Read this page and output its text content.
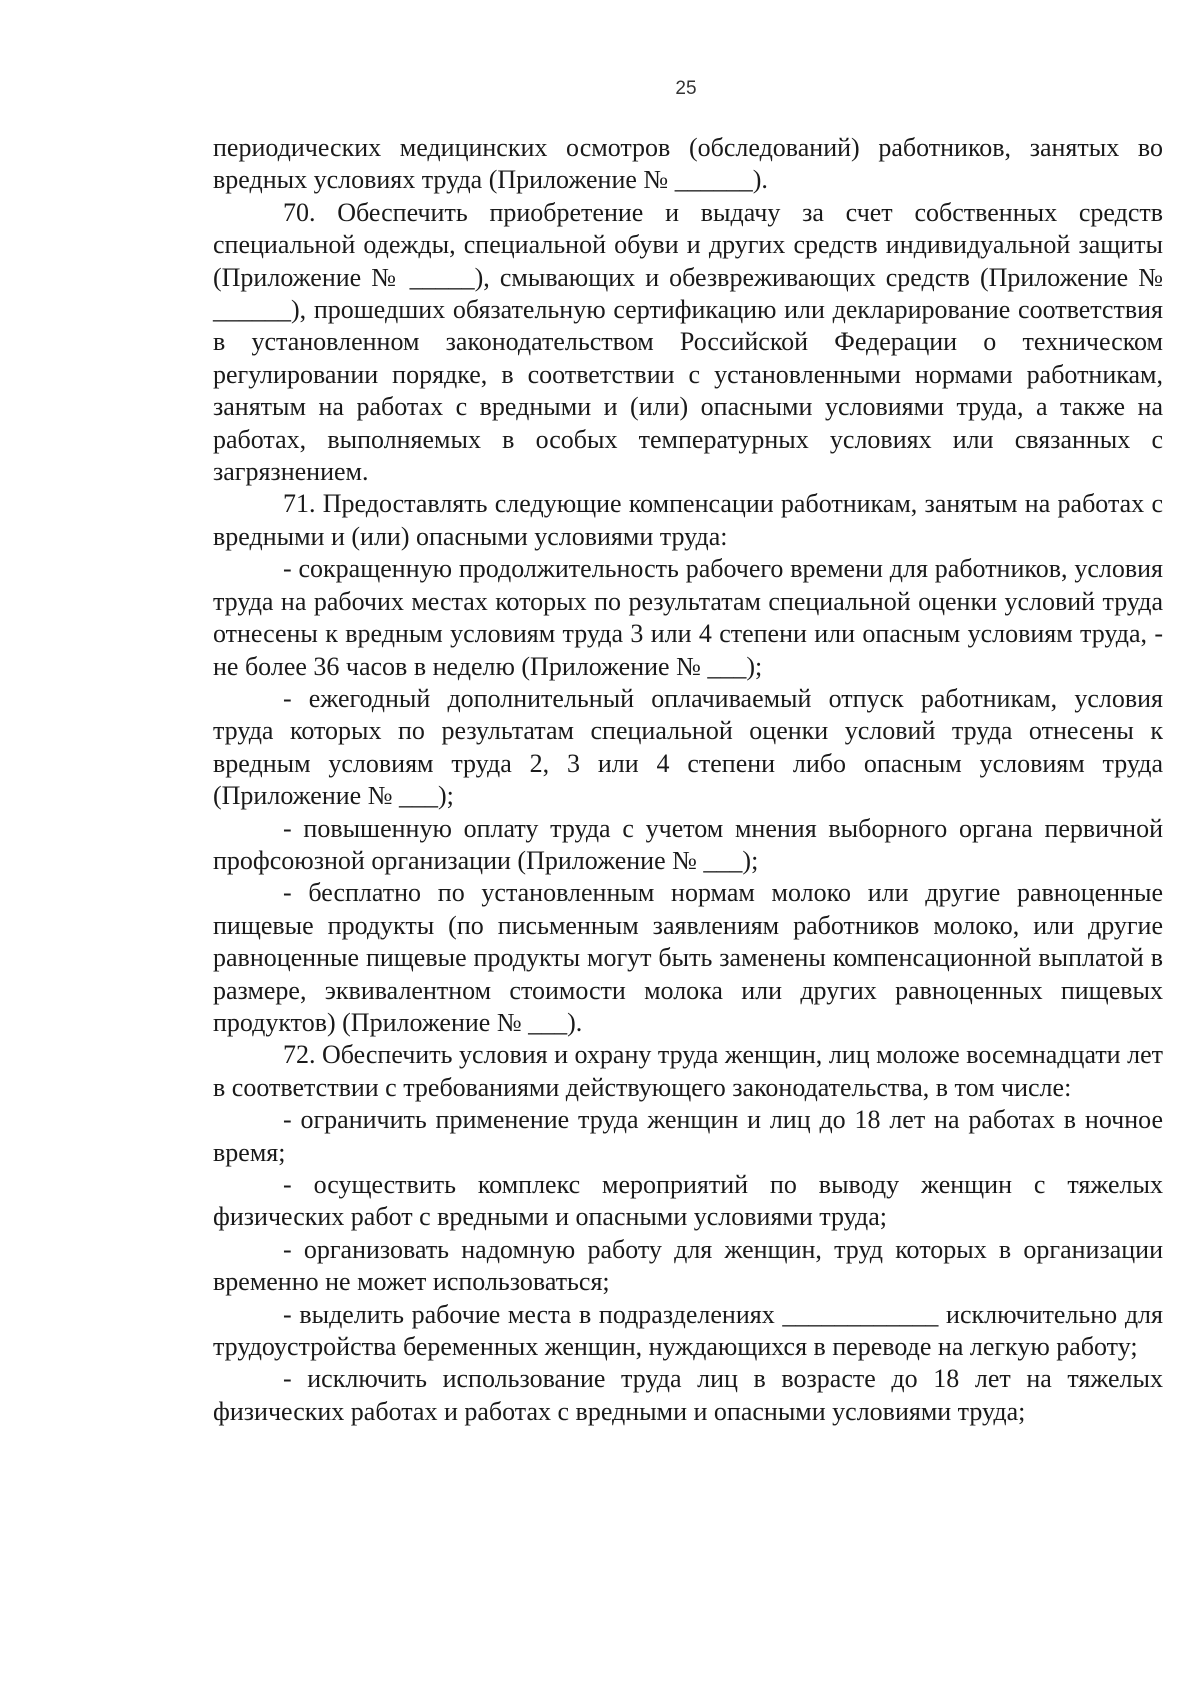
25

периодических медицинских осмотров (обследований) работников, занятых во вредных условиях труда (Приложение № ______).

70. Обеспечить приобретение и выдачу за счет собственных средств специальной одежды, специальной обуви и других средств индивидуальной защиты (Приложение № _____), смывающих и обезвреживающих средств (Приложение № ______), прошедших обязательную сертификацию или декларирование соответствия в установленном законодательством Российской Федерации о техническом регулировании порядке, в соответствии с установленными нормами работникам, занятым на работах с вредными и (или) опасными условиями труда, а также на работах, выполняемых в особых температурных условиях или связанных с загрязнением.

71. Предоставлять следующие компенсации работникам, занятым на работах с вредными и (или) опасными условиями труда:

- сокращенную продолжительность рабочего времени для работников, условия труда на рабочих местах которых по результатам специальной оценки условий труда отнесены к вредным условиям труда 3 или 4 степени или опасным условиям труда, - не более 36 часов в неделю (Приложение № ___);

- ежегодный дополнительный оплачиваемый отпуск работникам, условия труда которых по результатам специальной оценки условий труда отнесены к вредным условиям труда 2, 3 или 4 степени либо опасным условиям труда (Приложение № ___);

- повышенную оплату труда с учетом мнения выборного органа первичной профсоюзной организации (Приложение № ___);

- бесплатно по установленным нормам молоко или другие равноценные пищевые продукты (по письменным заявлениям работников молоко, или другие равноценные пищевые продукты могут быть заменены компенсационной выплатой в размере, эквивалентном стоимости молока или других равноценных пищевых продуктов) (Приложение № ___).

72. Обеспечить условия и охрану труда женщин, лиц моложе восемнадцати лет в соответствии с требованиями действующего законодательства, в том числе:

- ограничить применение труда женщин и лиц до 18 лет на работах в ночное время;

- осуществить комплекс мероприятий по выводу женщин с тяжелых физических работ с вредными и опасными условиями труда;

- организовать надомную работу для женщин, труд которых в организации временно не может использоваться;

- выделить рабочие места в подразделениях ____________ исключительно для трудоустройства беременных женщин, нуждающихся в переводе на легкую работу;

- исключить использование труда лиц в возрасте до 18 лет на тяжелых физических работах и работах с вредными и опасными условиями труда;
